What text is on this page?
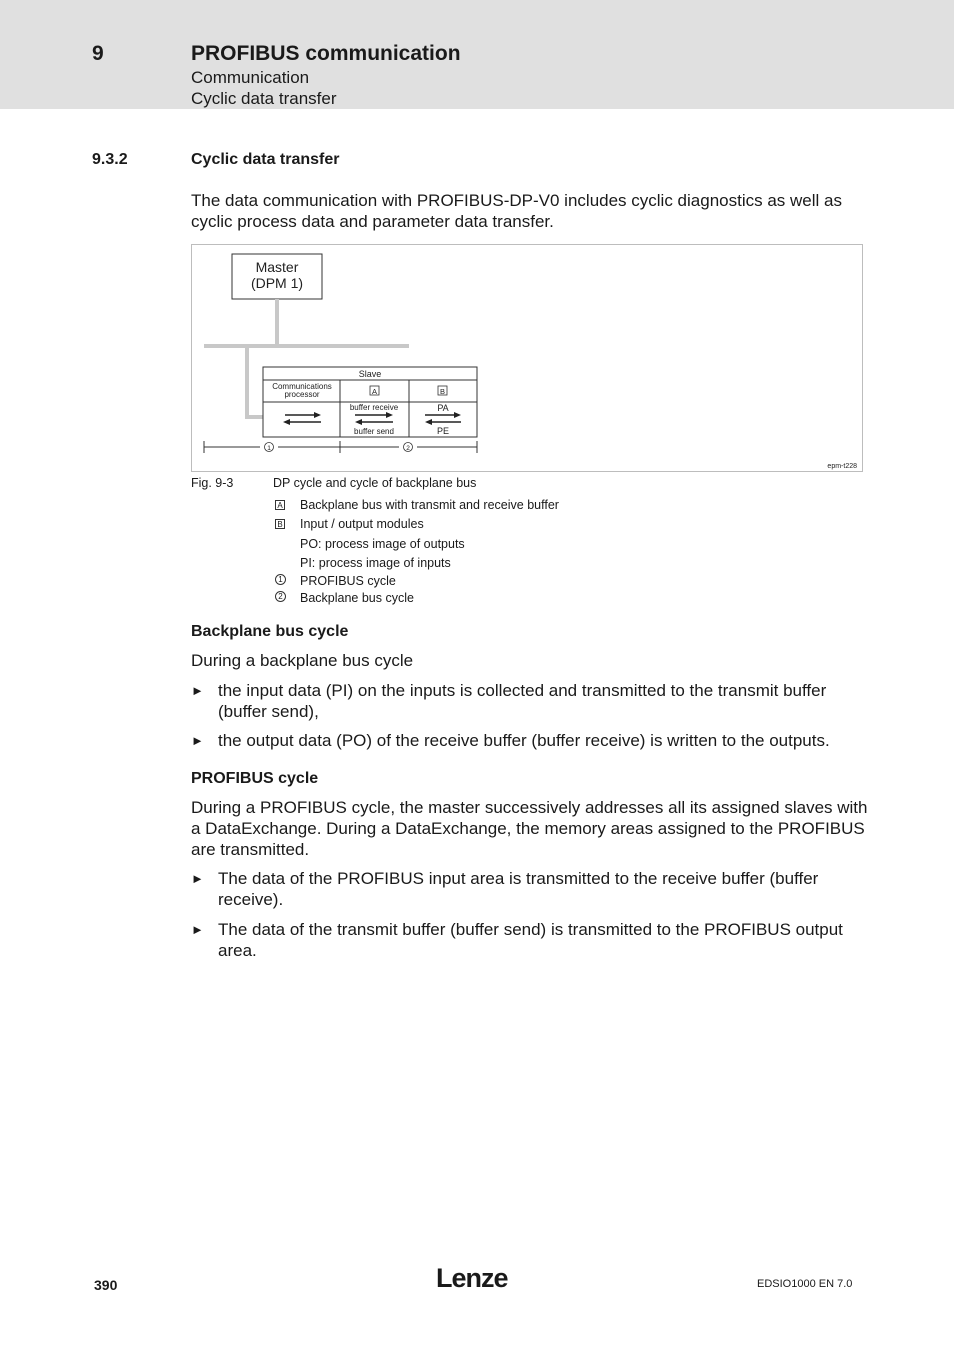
9	PROFIBUS communication
Communication
Cyclic data transfer
9.3.2	Cyclic data transfer
The data communication with PROFIBUS-DP-V0 includes cyclic diagnostics as well as cyclic process data and parameter data transfer.
Master
(DPM 1)
Slave
Communications
processor	A	B
buffer receive
buffer send
PA
PE
1	2
epm-t228
Fig. 9-3	DP cycle and cycle of backplane bus
A Backplane bus with transmit and receive buffer
B Input / output modules
PO: process image of outputs
PI: process image of inputs
1 PROFIBUS cycle
2 Backplane bus cycle
Backplane bus cycle
During a backplane bus cycle
► the input data (PI) on the inputs is collected and transmitted to the transmit buffer (buffer send),
► the output data (PO) of the receive buffer (buffer receive) is written to the outputs.
PROFIBUS cycle
During a PROFIBUS cycle, the master successively addresses all its assigned slaves with a DataExchange. During a DataExchange, the memory areas assigned to the PROFIBUS are transmitted.
► The data of the PROFIBUS input area is transmitted to the receive buffer (buffer receive).
► The data of the transmit buffer (buffer send) is transmitted to the PROFIBUS output area.
390	Lenze	EDSIO1000 EN 7.0
